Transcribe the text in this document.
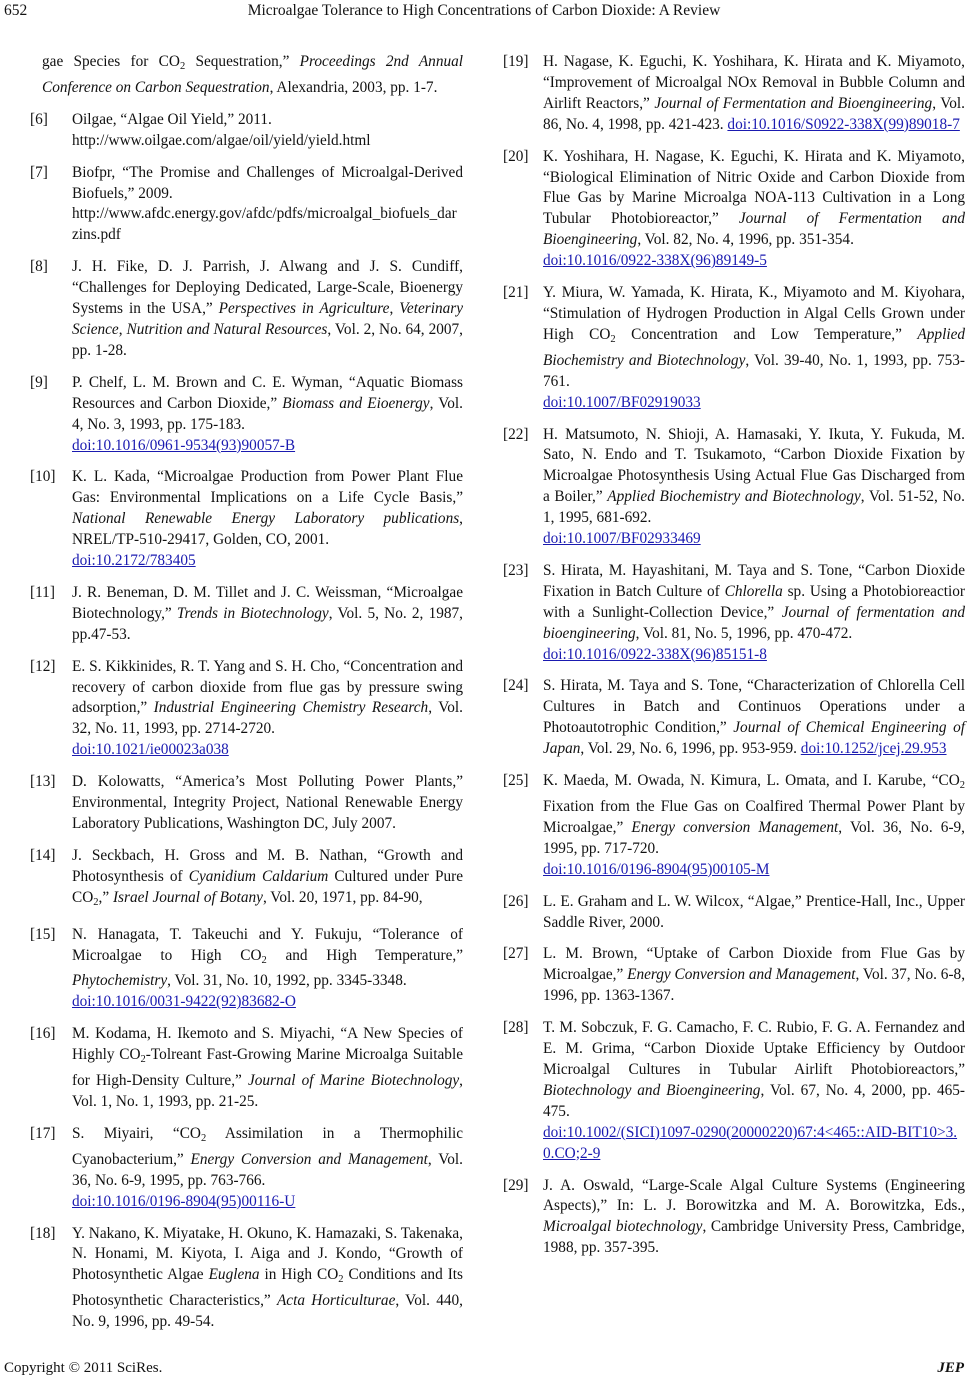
652	Microalgae Tolerance to High Concentrations of Carbon Dioxide: A Review
gae Species for $CO_2$ Sequestration,” Proceedings 2nd Annual Conference on Carbon Sequestration, Alexandria, 2003, pp. 1-7.
[6]	Oilgae, “Algae Oil Yield,” 2011.
http://www.oilgae.com/algae/oil/yield/yield.html
[7]	Biofpr, “The Promise and Challenges of Microalgal-Derived Biofuels,” 2009.
http://www.afdc.energy.gov/afdc/pdfs/microalgal_biofuels_darzins.pdf
[8]	J. H. Fike, D. J. Parrish, J. Alwang and J. S. Cundiff, “Challenges for Deploying Dedicated, Large-Scale, Bioenergy Systems in the USA,” Perspectives in Agriculture, Veterinary Science, Nutrition and Natural Resources, Vol. 2, No. 64, 2007, pp. 1-28.
[9]	P. Chelf, L. M. Brown and C. E. Wyman, “Aquatic Biomass Resources and Carbon Dioxide,” Biomass and Eioenergy, Vol. 4, No. 3, 1993, pp. 175-183.
doi:10.1016/0961-9534(93)90057-B
[10]	K. L. Kada, “Microalgae Production from Power Plant Flue Gas: Environmental Implications on a Life Cycle Basis,” National Renewable Energy Laboratory publications, NREL/TP-510-29417, Golden, CO, 2001.
doi:10.2172/783405
[11]	J. R. Beneman, D. M. Tillet and J. C. Weissman, “Microalgae Biotechnology,” Trends in Biotechnology, Vol. 5, No. 2, 1987, pp.47-53.
[12]	E. S. Kikkinides, R. T. Yang and S. H. Cho, “Concentration and recovery of carbon dioxide from flue gas by pressure swing adsorption,” Industrial Engineering Chemistry Research, Vol. 32, No. 11, 1993, pp. 2714-2720.
doi:10.1021/ie00023a038
[13]	D. Kolowatts, “America’s Most Polluting Power Plants,” Environmental, Integrity Project, National Renewable Energy Laboratory Publications, Washington DC, July 2007.
[14]	J. Seckbach, H. Gross and M. B. Nathan, “Growth and Photosynthesis of Cyanidium Caldarium Cultured under Pure $CO_2$,” Israel Journal of Botany, Vol. 20, 1971, pp. 84-90,
[15]	N. Hanagata, T. Takeuchi and Y. Fukuju, “Tolerance of Microalgae to High $CO_2$ and High Temperature,” Phytochemistry, Vol. 31, No. 10, 1992, pp. 3345-3348.
doi:10.1016/0031-9422(92)83682-O
[16]	M. Kodama, H. Ikemoto and S. Miyachi, “A New Species of Highly $CO_2$-Tolreant Fast-Growing Marine Microalga Suitable for High-Density Culture,” Journal of Marine Biotechnology, Vol. 1, No. 1, 1993, pp. 21-25.
[17]	S. Miyairi, “$CO_2$ Assimilation in a Thermophilic Cyanobacterium,” Energy Conversion and Management, Vol. 36, No. 6-9, 1995, pp. 763-766.
doi:10.1016/0196-8904(95)00116-U
[18]	Y. Nakano, K. Miyatake, H. Okuno, K. Hamazaki, S. Takenaka, N. Honami, M. Kiyota, I. Aiga and J. Kondo, “Growth of Photosynthetic Algae Euglena in High $CO_2$ Conditions and Its Photosynthetic Characteristics,” Acta Horticulturae, Vol. 440, No. 9, 1996, pp. 49-54.
[19] H. Nagase, K. Eguchi, K. Yoshihara, K. Hirata and K. Miyamoto, “Improvement of Microalgal NOx Removal in Bubble Column and Airlift Reactors,” Journal of Fermentation and Bioengineering, Vol. 86, No. 4, 1998, pp. 421-423. doi:10.1016/S0922-338X(99)89018-7
[20] K. Yoshihara, H. Nagase, K. Eguchi, K. Hirata and K. Miyamoto, “Biological Elimination of Nitric Oxide and Carbon Dioxide from Flue Gas by Marine Microalga NOA-113 Cultivation in a Long Tubular Photobioreactor,” Journal of Fermentation and Bioengineering, Vol. 82, No. 4, 1996, pp. 351-354.
doi:10.1016/0922-338X(96)89149-5
[21] Y. Miura, W. Yamada, K. Hirata, K., Miyamoto and M. Kiyohara, “Stimulation of Hydrogen Production in Algal Cells Grown under High $CO_2$ Concentration and Low Temperature,” Applied Biochemistry and Biotechnology, Vol. 39-40, No. 1, 1993, pp. 753-761.
doi:10.1007/BF02919033
[22] H. Matsumoto, N. Shioji, A. Hamasaki, Y. Ikuta, Y. Fukuda, M. Sato, N. Endo and T. Tsukamoto, “Carbon Dioxide Fixation by Microalgae Photosynthesis Using Actual Flue Gas Discharged from a Boiler,” Applied Biochemistry and Biotechnology, Vol. 51-52, No. 1, 1995, 681-692.
doi:10.1007/BF02933469
[23] S. Hirata, M. Hayashitani, M. Taya and S. Tone, “Carbon Dioxide Fixation in Batch Culture of Chlorella sp. Using a Photobioreactior with a Sunlight-Collection Device,” Journal of fermentation and bioengineering, Vol. 81, No. 5, 1996, pp. 470-472.
doi:10.1016/0922-338X(96)85151-8
[24] S. Hirata, M. Taya and S. Tone, “Characterization of Chlorella Cell Cultures in Batch and Continuos Operations under a Photoautotrophic Condition,” Journal of Chemical Engineering of Japan, Vol. 29, No. 6, 1996, pp. 953-959. doi:10.1252/jcej.29.953
[25] K. Maeda, M. Owada, N. Kimura, L. Omata, and I. Karube, “$CO_2$ Fixation from the Flue Gas on Coalfired Thermal Power Plant by Microalgae,” Energy conversion Management, Vol. 36, No. 6-9, 1995, pp. 717-720.
doi:10.1016/0196-8904(95)00105-M
[26] L. E. Graham and L. W. Wilcox, “Algae,” Prentice-Hall, Inc., Upper Saddle River, 2000.
[27] L. M. Brown, “Uptake of Carbon Dioxide from Flue Gas by Microalgae,” Energy Conversion and Management, Vol. 37, No. 6-8, 1996, pp. 1363-1367.
[28] T. M. Sobczuk, F. G. Camacho, F. C. Rubio, F. G. A. Fernandez and E. M. Grima, “Carbon Dioxide Uptake Efficiency by Outdoor Microalgal Cultures in Tubular Airlift Photobioreactors,” Biotechnology and Bioengineering, Vol. 67, No. 4, 2000, pp. 465-475.
doi:10.1002/(SICI)1097-0290(20000220)67:4<465::AID-BIT10>3.0.CO;2-9
[29] J. A. Oswald, “Large-Scale Algal Culture Systems (Engineering Aspects),” In: L. J. Borowitzka and M. A. Borowitzka, Eds., Microalgal biotechnology, Cambridge University Press, Cambridge, 1988, pp. 357-395.
Copyright © 2011 SciRes.	JEP
